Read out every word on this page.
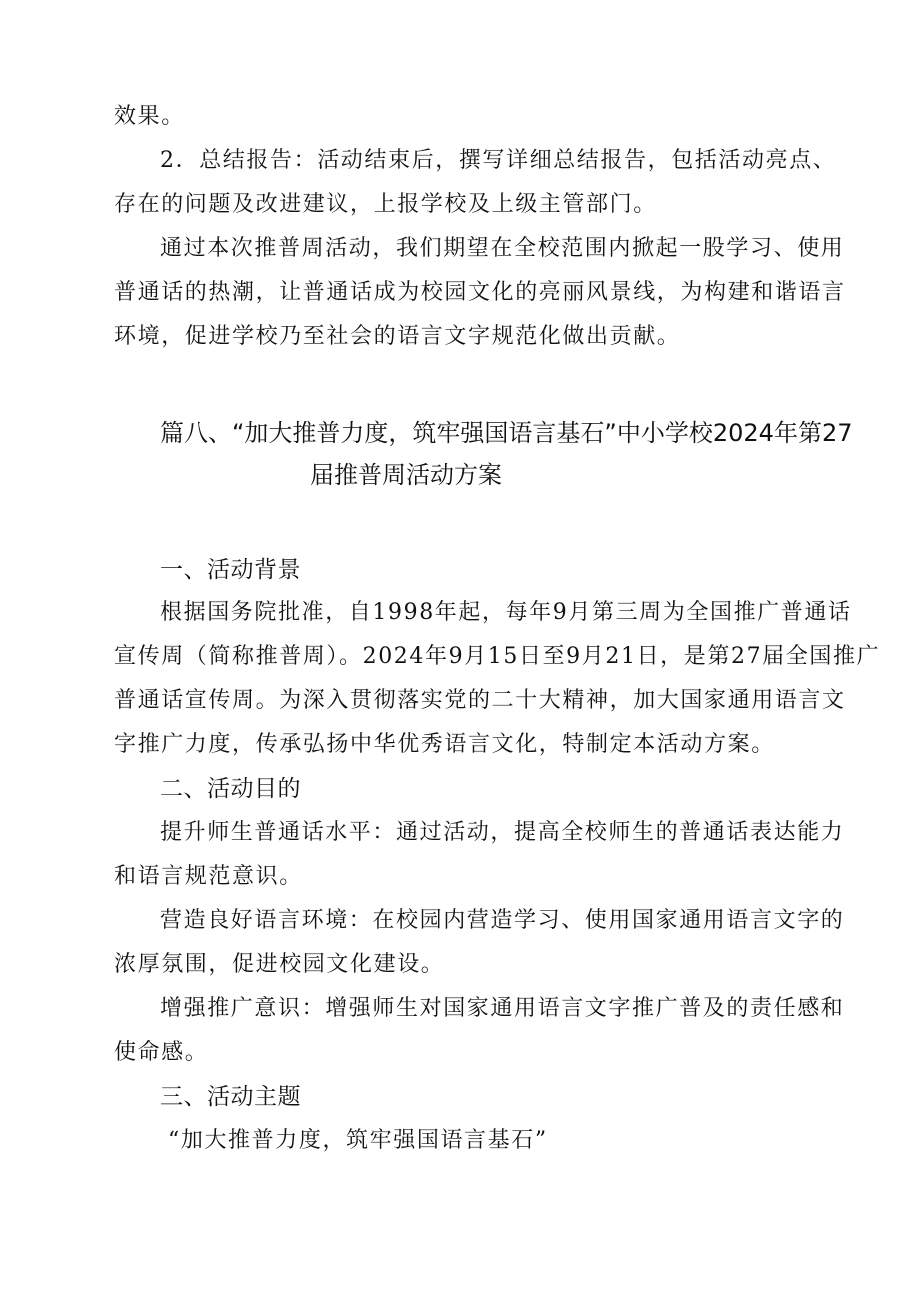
效果。
2．总结报告：活动结束后，撰写详细总结报告，包括活动亮点、
存在的问题及改进建议，上报学校及上级主管部门。
通过本次推普周活动，我们期望在全校范围内掀起一股学习、使用
普通话的热潮，让普通话成为校园文化的亮丽风景线，为构建和谐语言
环境，促进学校乃至社会的语言文字规范化做出贡献。
篇八、“加大推普力度，筑牢强国语言基石”中小学校2024年第27
届推普周活动方案
一、活动背景
根据国务院批准，自1998年起，每年9月第三周为全国推广普通话
宣传周（简称推普周）。2024年9月15日至9月21日，是第27届全国推广
普通话宣传周。为深入贯彻落实党的二十大精神，加大国家通用语言文
字推广力度，传承弘扬中华优秀语言文化，特制定本活动方案。
二、活动目的
提升师生普通话水平：通过活动，提高全校师生的普通话表达能力
和语言规范意识。
营造良好语言环境：在校园内营造学习、使用国家通用语言文字的
浓厚氛围，促进校园文化建设。
增强推广意识：增强师生对国家通用语言文字推广普及的责任感和
使命感。
三、活动主题
“加大推普力度，筑牢强国语言基石”
